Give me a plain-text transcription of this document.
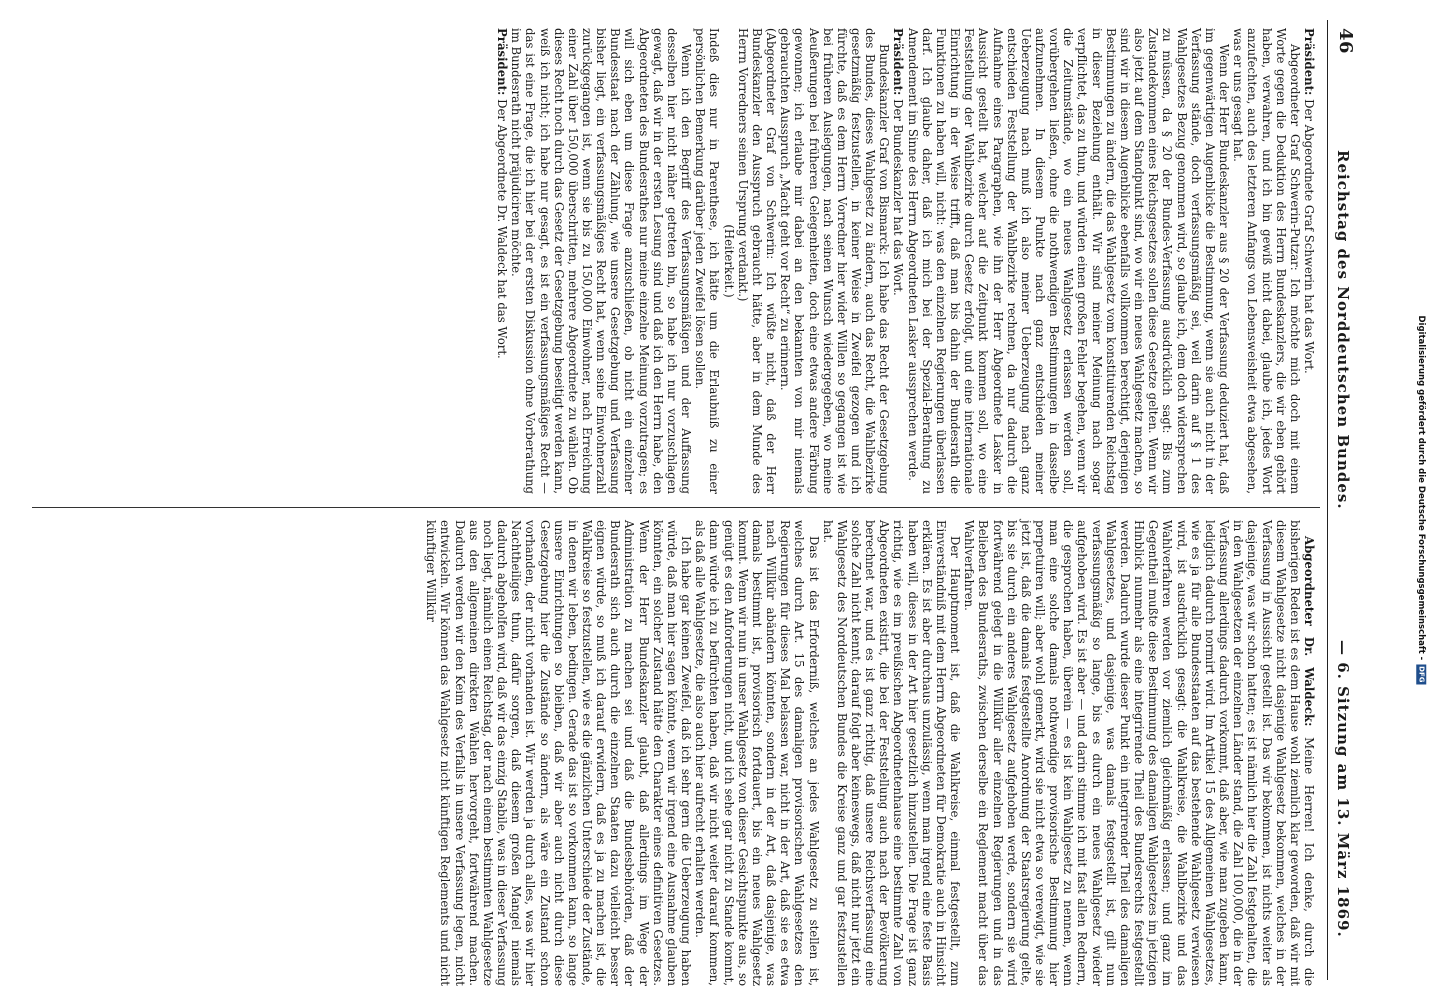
46
Reichstag des Norddeutschen Bundes.
— 6. Sitzung am 13. März 1869.

Präsident: Der Abgeordnete Graf Schwerin hat das Wort.

Abgeordneter Graf Schwerin-Putzar: Ich möchte mich doch mit einem Worte gegen die Deduktion des Herrn Bundeskanzlers, die wir eben gehört haben, verwahren, und ich bin gewiß nicht dabei, glaube ich, jedes Wort anzufechten, auch des letzteren Anfangs von Lebensweisheit etwa abgesehen, was er uns gesagt hat.

Wenn der Herr Bundeskanzler aus § 20 der Verfassung deduziert hat, daß im gegenwärtigen Augenblicke die Bestimmung, wenn sie auch nicht in der Verfassung stände, doch verfassungsmäßig sei, weil darin auf § 1 des Wahlgesetzes Bezug genommen wird, so glaube ich, dem doch widersprechen zu müssen, da § 20 der Bundes-Verfassung ausdrücklich sagt: Bis zum Zustandekommen eines Reichsgesetzes sollen diese Gesetze gelten. Wenn wir also jetzt auf dem Standpunkt sind, wo wir ein neues Wahlgesetz machen, so sind wir in diesem Augenblicke ebenfalls vollkommen berechtigt, derjenigen Bestimmungen zu ändern, die das Wahlgesetz vom konstituirenden Reichstag in dieser Beziehung enthält. Wir sind meiner Meinung nach sogar verpflichtet, das zu thun, und würden einen großen Fehler begehen, wenn wir die Zeitumstände, wo ein neues Wahlgesetz erlassen werden soll, vorübergehen ließen, ohne die nothwendigen Bestimmungen in dasselbe aufzunehmen. In diesem Punkte nach ganz entschieden meiner Ueberzeugung nach muß ich also meiner Ueberzeugung nach ganz entschieden Feststellung der Wahlbezirke rechnen, da nur dadurch die Aufnahme eines Paragraphen, wie ihn der Herr Abgeordnete Lasker in Aussicht gestellt hat, welcher auf die Zeitpunkt kommen soll, wo eine Feststellung der Wahlbezirke durch Gesetz erfolgt, und eine internationale Einrichtung in der Weise trifft, daß man bis dahin der Bundesrath die Funktionen zu haben will, nicht: was den einzelnen Regierungen überlassen darf. Ich glaube daher, daß ich mich bei der Spezial-Berathung zu Amendement im Sinne des Herrn Abgeordneten Lasker aussprechen werde.

Präsident: Der Bundeskanzler hat das Wort.

Bundeskanzler Graf von Bismarck: Ich habe das Recht der Gesetzgebung des Bundes, dieses Wahlgesetz zu ändern, auch das Recht, die Wahlbezirke gesetzmäßig festzustellen, in keiner Weise in Zweifel gezogen und ich fürchte, daß es dem Herrn Vorredner hier wider Willen so gegangen ist wie bei früheren Auslegungen, nach seinen Wunsch wiedergegeben, wo meine Aeußerungen bei früheren Gelegenheiten, doch eine etwas andere Färbung gewonnen; ich erlaube mir dabei an den bekannten von mir niemals gebrauchten Ausspruch „Macht geht vor Recht“ zu erinnern.

(Abgeordneter Graf von Schwerin: Ich wüßte nicht, daß der Herr Bundeskanzler den Ausspruch gebraucht hätte, aber in dem Munde des Herrn Vorredners seinen Ursprung verdankt.)

(Heiterkeit.)

Indeß dies nur in Parenthese, ich hätte um die Erlaubniß zu einer persönlichen Bemerkung darüber jeden Zweifel lösen sollen.

Wenn ich den Begriff des Verfassungsmäßigen und der Auffassung desselben hier nicht näher getreten bin, so habe ich nur vorzuschlagen gewagt, daß wir in der ersten Lesung sind und daß ich den Herrn habe, den Abgeordneten des Bundesrathes nur meine einzelne Meinung vorzutragen; es will sich eben um diese Frage anzuschließen, ob nicht ein einzelner Bundesstaat nach der Zählung, wie unsere Gesetzgebung und Verfassung bisher liegt, ein verfassungsmäßiges Recht hat, wenn seine Einwohnerzahl zurückgegangen ist, wenn sie bis zu 150,000 Einwohner, nach Erreichung einer Zahl über 150,000 überschritten, mehrere Abgeordnete zu wählen. Ob dieses Recht noch durch das Gesetz der Gesetzgebung beseitigt werden kann, weiß ich nicht; ich habe nur gesagt, es ist ein verfassungsmäßiges Recht — das ist eine Frage, die ich hier bei der ersten Diskussion ohne Vorberathung im Bundesrath nicht präjudiciren möchte.

Präsident: Der Abgeordnete Dr. Waldeck hat das Wort.

Abgeordneter Dr. Waldeck: Meine Herren! Ich denke, durch die bisherigen Reden ist es dem Hause wohl ziemlich klar geworden, daß wir mit diesem Wahlgesetze nicht dasjenige Wahlgesetz bekommen, welches in der Verfassung in Aussicht gestellt ist. Das wir bekommen, ist nichts weiter als dasjenige, was wir schon hatten; es ist nämlich hier die Zahl festgehalten, die in den Wahlgesetzen der einzelnen Länder stand, die Zahl 100,000, die in der Verfassung allerdings dadurch vorkommt, daß aber, wie man zugeben kann, lediglich dadurch normirt wird. Im Artikel 15 des Allgemeinen Wahlgesetzes, wie es ja für alle Bundesstaaten auf das bestehende Wahlgesetz verwiesen wird, ist ausdrücklich gesagt: die Wahlkreise, die Wahlbezirke und das Wahlverfahren werden vor ziemlich gleichmäßig erlassen; und ganz im Gegentheil mußte diese Bestimmung des damaligen Wahlgesetzes im jetzigen Hinblick nunmehr als eine integrirende Theil des Bundesrechts festgestellt werden. Dadurch wurde dieser Punkt ein integrirender Theil des damaligen Wahlgesetzes, und dasjenige, was damals festgestellt ist, gilt nun verfassungsmäßig so lange, bis es durch ein neues Wahlgesetz wieder aufgehoben wird. Es ist aber — und darin stimme ich mit fast allen Rednern, die gesprochen haben, überein — es ist kein Wahlgesetz zu nennen, wenn man eine solche damals nothwendige provisorische Bestimmung hier perpetuiren will; aber wohl gemerkt, wird sie nicht etwa so verewigt, wie sie jetzt ist, daß die damals festgestellte Anordnung der Staatsregierung gelte, bis sie durch ein anderes Wahlgesetz aufgehoben werde, sondern sie wird fortwährend gelegt in die Willkür aller einzelnen Regierungen und in das Belieben des Bundesraths, zwischen derselbe ein Reglement macht über das Wahlverfahren.

Der Hauptmoment ist, daß die Wahlkreise, einmal festgestellt, zum Einverständniß mit dem Herrn Abgeordneten für Demokratie auch in Hinsicht erklären. Es ist aber durchaus unzulässig, wenn man irgend eine feste Basis haben will, dieses in der Art hier gesetzlich hinzustellen. Die Frage ist ganz richtig, wie es im preußischen Abgeordnetenhause eine bestimmte Zahl von Abgeordneten existirt, die bei der Feststellung auch nach der Bevölkerung berechnet war, und es ist ganz richtig, daß unsere Reichsverfassung eine solche Zahl nicht kennt; darauf folgt aber keineswegs, daß nicht nur jetzt ein Wahlgesetz des Norddeutschen Bundes die Kreise ganz und gar festzustellen hat.

Das ist das Erforderniß, welches an jedes Wahlgesetz zu stellen ist, welches durch Art. 15 des damaligen provisorischen Wahlgesetzes den Regierungen für dieses Mal belassen war, nicht in der Art, daß sie es etwa nach Willkür abändern könnten, sondern in der Art, daß dasjenige, was damals bestimmt ist, provisorisch fortdauert, bis ein neues Wahlgesetz kommt. Wenn wir nun in unser Wahlgesetz von dieser Gesichtspunkte aus, so genügt es den Anforderungen nicht, und ich sehe gar nicht zu Stande kommt, dann würde ich zu befürchten haben, daß wir nicht weiter darauf kommen, als daß alle Wahlgesetze, die also auch hier aufrecht erhalten werden.

Ich habe gar keinen Zweifel, daß ich sehr gern die Ueberzeugung haben würde, daß man hier sagen könnte, wenn wir irgend eine Ausnahme glauben könnten, ein solcher Zustand hätte den Charakter eines definitiven Gesetzes. Wenn der Herr Bundeskanzler glaubt, daß allerdings im Wege der Administration zu machen sei und daß die Bundesbehörden, daß der Bundesrath sich auch durch die einzelnen Staaten dazu vielleicht besser eignen würde, so muß ich darauf erwidern, daß es ja zu machen ist, die Wahlkreise so festzustellen, wie es die gänzlichen Unterschiede der Zustände, in denen wir leben, bedingen. Gerade das ist so vorkommen kann, so lange unsere Einrichtungen so bleiben, daß wir aber auch nicht durch diese Gesetzgebung hier die Zustände so ändern, als wäre ein Zustand schon vorhanden, der nicht vorhanden ist. Wir werden ja durch alles, was wir hier Nachtheiliges thun, dafür sorgen, daß diesem großen Mangel niemals dadurch abgeholfen wird, daß wir das einzig Stabile, was in dieser Verfassung noch liegt, nämlich einen Reichstag, der nach einem bestimmten Wahlgesetze aus den allgemeinen direkten Wahlen hervorgeht, fortwährend machen. Dadurch werden wir den Keim des Verfalls in unsere Verfassung legen, nicht entwickeln. Wir können das Wahlgesetz nicht künftigen Reglements und nicht künftiger Willkür	Digitalisierung gefördert durch die Deutsche Forschungsgemeinschaft -DFG
